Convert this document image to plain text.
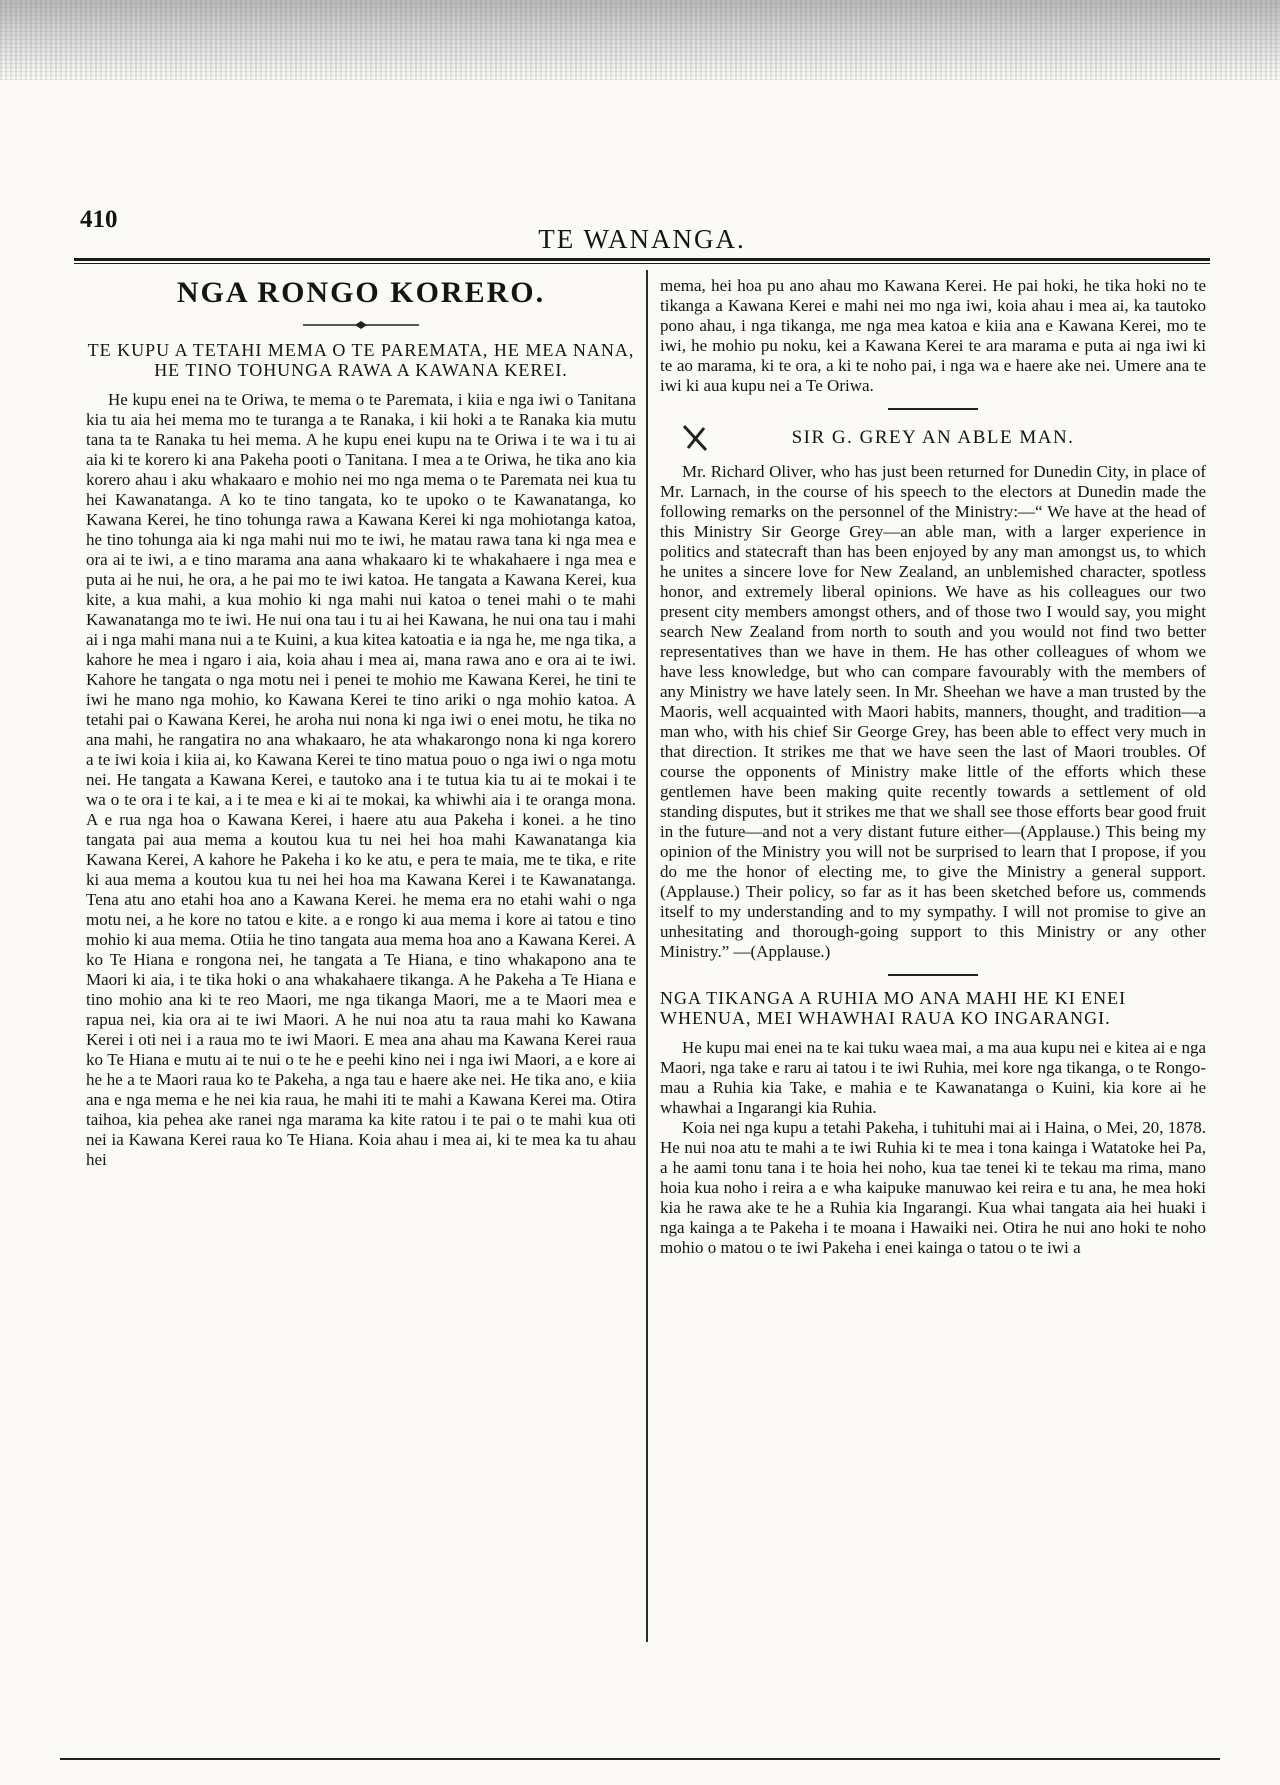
410
TE WANANGA.
NGA RONGO KORERO.
TE KUPU A TETAHI MEMA O TE PAREMATA, HE MEA NANA, HE TINO TOHUNGA RAWA A KAWANA KEREI.

He kupu enei na te Oriwa, te mema o te Paremata, i kiia e nga iwi o Tanitana kia tu aia hei mema mo te turanga a te Ranaka, i kii hoki a te Ranaka kia mutu tana ta te Ranaka tu hei mema. A he kupu enei kupu na te Oriwa i te wa i tu ai aia ki te korero ki ana Pakeha pooti o Tanitana. I mea a te Oriwa, he tika ano kia korero ahau i aku whakaaro e mohio nei mo nga mema o te Paremata nei kua tu hei Kawanatanga. A ko te tino tangata, ko te upoko o te Kawanatanga, ko Kawana Kerei, he tino tohunga rawa a Kawana Kerei ki nga mohiotanga katoa, he tino tohunga aia ki nga mahi nui mo te iwi, he matau rawa tana ki nga mea e ora ai te iwi, a e tino marama ana aana whakaaro ki te whakahaere i nga mea e puta ai he nui, he ora, a he pai mo te iwi katoa. He tangata a Kawana Kerei, kua kite, a kua mahi, a kua mohio ki nga mahi nui katoa o tenei mahi o te mahi Kawanatanga mo te iwi. He nui ona tau i tu ai hei Kawana, he nui ona tau i mahi ai i nga mahi mana nui a te Kuini, a kua kitea katoatia e ia nga he, me nga tika, a kahore he mea i ngaro i aia, koia ahau i mea ai, mana rawa ano e ora ai te iwi. Kahore he tangata o nga motu nei i penei te mohio me Kawana Kerei, he tini te iwi he mano nga mohio, ko Kawana Kerei te tino ariki o nga mohio katoa. A tetahi pai o Kawana Kerei, he aroha nui nona ki nga iwi o enei motu, he tika no ana mahi, he rangatira no ana whakaaro, he ata whakarongo nona ki nga korero a te iwi koia i kiia ai, ko Kawana Kerei te tino matua pouo o nga iwi o nga motu nei. He tangata a Kawana Kerei, e tautoko ana i te tutua kia tu ai te mokai i te wa o te ora i te kai, a i te mea e ki ai te mokai, ka whiwhi aia i te oranga mona. A e rua nga hoa o Kawana Kerei, i haere atu aua Pakeha i konei. a he tino tangata pai aua mema a koutou kua tu nei hei hoa mahi Kawanatanga kia Kawana Kerei, A kahore he Pakeha i ko ke atu, e pera te maia, me te tika, e rite ki aua mema a koutou kua tu nei hei hoa ma Kawana Kerei i te Kawanatanga. Tena atu ano etahi hoa ano a Kawana Kerei. he mema era no etahi wahi o nga motu nei, a he kore no tatou e kite. a e rongo ki aua mema i kore ai tatou e tino mohio ki aua mema. Otiia he tino tangata aua mema hoa ano a Kawana Kerei. A ko Te Hiana e rongona nei, he tangata a Te Hiana, e tino whakapono ana te Maori ki aia, i te tika hoki o ana whakahaere tikanga. A he Pakeha a Te Hiana e tino mohio ana ki te reo Maori, me nga tikanga Maori, me a te Maori mea e rapua nei, kia ora ai te iwi Maori. A he nui noa atu ta raua mahi ko Kawana Kerei i oti nei i a raua mo te iwi Maori. E mea ana ahau ma Kawana Kerei raua ko Te Hiana e mutu ai te nui o te he e peehi kino nei i nga iwi Maori, a e kore ai he he a te Maori raua ko te Pakeha, a nga tau e haere ake nei. He tika ano, e kiia ana e nga mema e he nei kia raua, he mahi iti te mahi a Kawana Kerei ma. Otira taihoa, kia pehea ake ranei nga marama ka kite ratou i te pai o te mahi kua oti nei ia Kawana Kerei raua ko Te Hiana. Koia ahau i mea ai, ki te mea ka tu ahau hei

mema, hei hoa pu ano ahau mo Kawana Kerei. He pai hoki, he tika hoki no te tikanga a Kawana Kerei e mahi nei mo nga iwi, koia ahau i mea ai, ka tautoko pono ahau, i nga tikanga, me nga mea katoa e kiia ana e Kawana Kerei, mo te iwi, he mohio pu noku, kei a Kawana Kerei te ara marama e puta ai nga iwi ki te ao marama, ki te ora, a ki te noho pai, i nga wa e haere ake nei. Umere ana te iwi ki aua kupu nei a Te Oriwa.

SIR G. GREY AN ABLE MAN.

Mr. Richard Oliver, who has just been returned for Dunedin City, in place of Mr. Larnach, in the course of his speech to the electors at Dunedin made the following remarks on the personnel of the Ministry:—“ We have at the head of this Ministry Sir George Grey—an able man, with a larger experience in politics and statecraft than has been enjoyed by any man amongst us, to which he unites a sincere love for New Zealand, an unblemished character, spotless honor, and extremely liberal opinions. We have as his colleagues our two present city members amongst others, and of those two I would say, you might search New Zealand from north to south and you would not find two better representatives than we have in them. He has other colleagues of whom we have less knowledge, but who can compare favourably with the members of any Ministry we have lately seen. In Mr. Sheehan we have a man trusted by the Maoris, well acquainted with Maori habits, manners, thought, and tradition—a man who, with his chief Sir George Grey, has been able to effect very much in that direction. It strikes me that we have seen the last of Maori troubles. Of course the opponents of Ministry make little of the efforts which these gentlemen have been making quite recently towards a settlement of old standing disputes, but it strikes me that we shall see those efforts bear good fruit in the future—and not a very distant future either—(Applause.) This being my opinion of the Ministry you will not be surprised to learn that I propose, if you do me the honor of electing me, to give the Ministry a general support. (Applause.) Their policy, so far as it has been sketched before us, commends itself to my understanding and to my sympathy. I will not promise to give an unhesitating and thorough-going support to this Ministry or any other Ministry.” —(Applause.)

NGA TIKANGA A RUHIA MO ANA MAHI HE KI ENEI WHENUA, MEI WHAWHAI RAUA KO INGARANGI.

He kupu mai enei na te kai tuku waea mai, a ma aua kupu nei e kitea ai e nga Maori, nga take e raru ai tatou i te iwi Ruhia, mei kore nga tikanga, o te Rongo-mau a Ruhia kia Take, e mahia e te Kawanatanga o Kuini, kia kore ai he whawhai a Ingarangi kia Ruhia.

Koia nei nga kupu a tetahi Pakeha, i tuhituhi mai ai i Haina, o Mei, 20, 1878. He nui noa atu te mahi a te iwi Ruhia ki te mea i tona kainga i Watatoke hei Pa, a he aami tonu tana i te hoia hei noho, kua tae tenei ki te tekau ma rima, mano hoia kua noho i reira a e wha kaipuke manuwao kei reira e tu ana, he mea hoki kia he rawa ake te he a Ruhia kia Ingarangi. Kua whai tangata aia hei huaki i nga kainga a te Pakeha i te moana i Hawaiki nei. Otira he nui ano hoki te noho mohio o matou o te iwi Pakeha i enei kainga o tatou o te iwi a
